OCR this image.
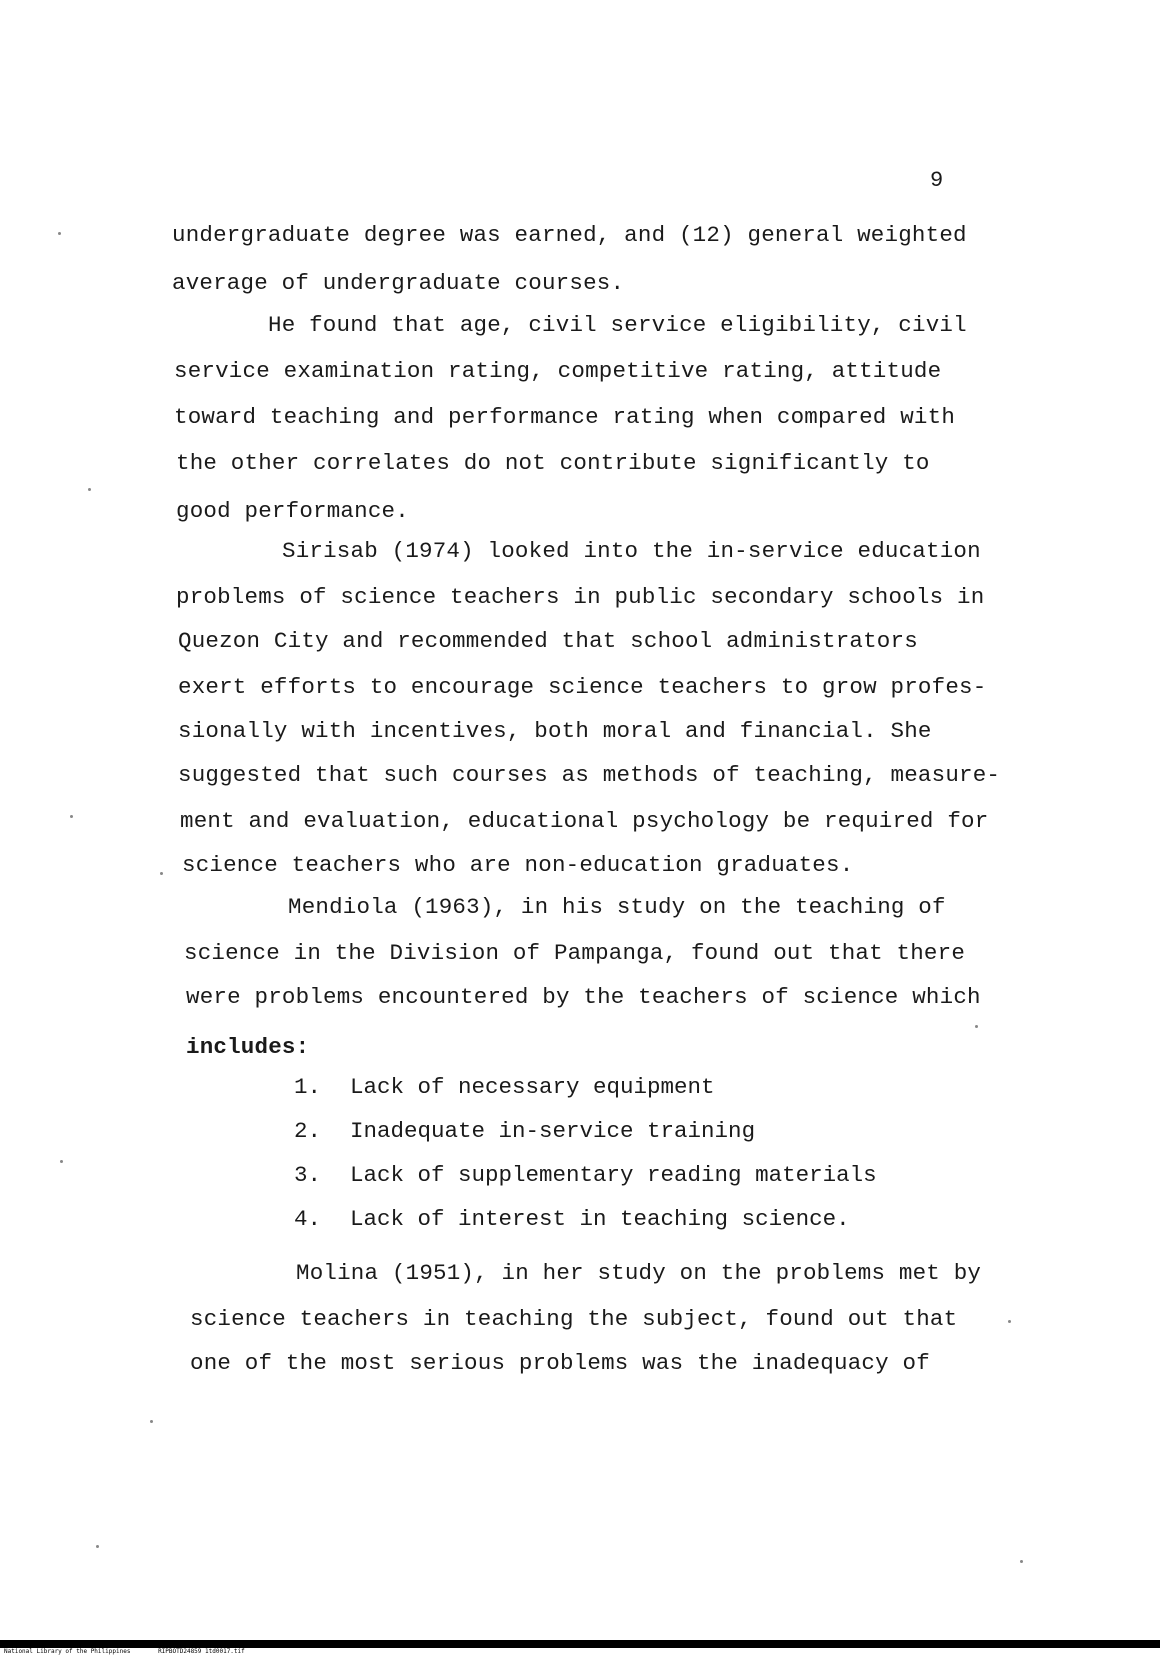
9
undergraduate degree was earned, and (12) general weighted
average of undergraduate courses.
He found that age, civil service eligibility, civil
service examination rating, competitive rating, attitude
toward teaching and performance rating when compared with
the other correlates do not contribute significantly to
good performance.
Sirisab (1974) looked into the in-service education
problems of science teachers in public secondary schools in
Quezon City and recommended that school administrators
exert efforts to encourage science teachers to grow profes-
sionally with incentives, both moral and financial. She
suggested that such courses as methods of teaching, measure-
ment and evaluation, educational psychology be required for
science teachers who are non-education graduates.
Mendiola (1963), in his study on the teaching of
science in the Division of Pampanga, found out that there
were problems encountered by the teachers of science which
includes:
1. Lack of necessary equipment
2. Inadequate in-service training
3. Lack of supplementary reading materials
4. Lack of interest in teaching science.
Molina (1951), in her study on the problems met by
science teachers in teaching the subject, found out that
one of the most serious problems was the inadequacy of
National Library of the Philippines	RIPBOTD24859 1td0017.tif
